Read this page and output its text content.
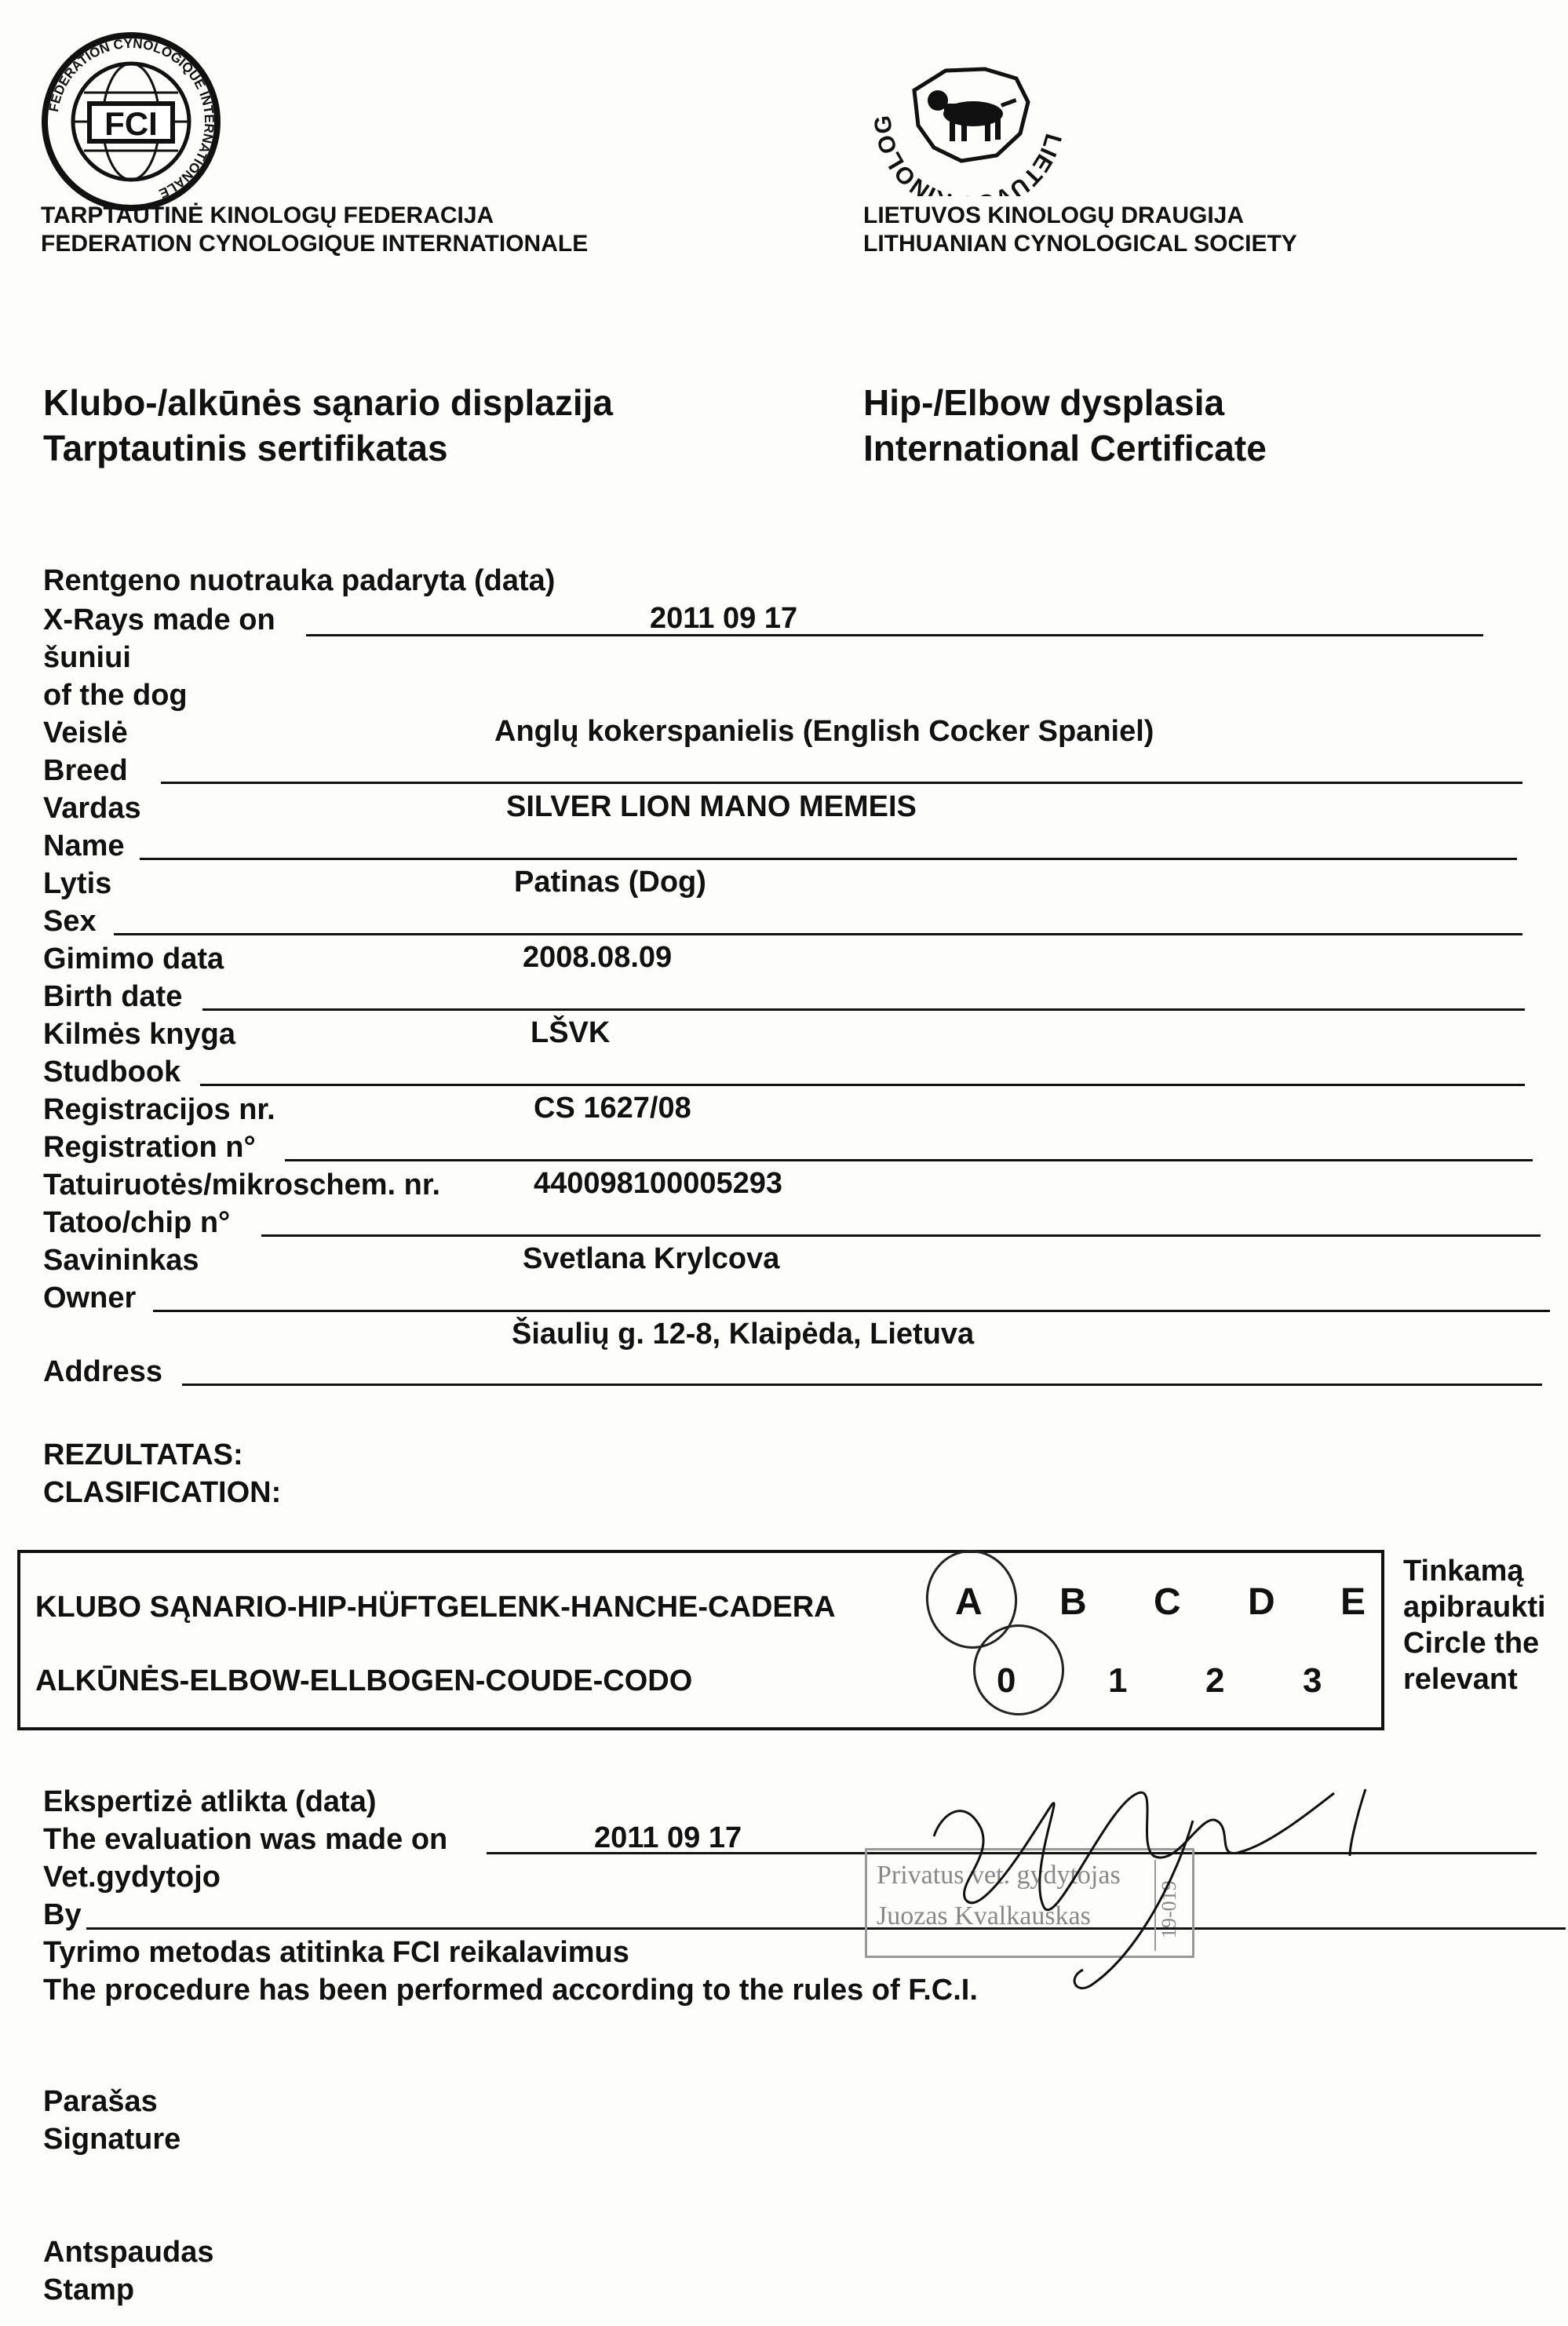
FCI
FEDERATION CYNOLOGIQUE INTERNATIONALE
TARPTAUTINĖ KINOLOGŲ FEDERACIJA
FEDERATION CYNOLOGIQUE INTERNATIONALE
LIETU INOLOG
LIETUVOS KINOLOGŲ DRAUGIJA
LITHUANIAN CYNOLOGICAL SOCIETY
Klubo-/alkūnės sąnario displazija
Tarptautinis sertifikatas
Hip-/Elbow dysplasia
International Certificate
Rentgeno nuotrauka padaryta (data)
X-Rays made on	2011 09 17
šuniui
of the dog
Veislė	Anglų kokerspanielis (English Cocker Spaniel)
Breed
Vardas	SILVER LION MANO MEMEIS
Name
Lytis	Patinas (Dog)
Sex
Gimimo data	2008.08.09
Birth date
Kilmės knyga	LŠVK
Studbook
Registracijos nr.	CS 1627/08
Registration n°
Tatuiruotės/mikroschem. nr.	440098100005293
Tatoo/chip n°
Savininkas	Svetlana Krylcova
Owner
Šiaulių g. 12-8, Klaipėda, Lietuva
Address
REZULTATAS:
CLASIFICATION:
KLUBO SĄNARIO-HIP-HÜFTGELENK-HANCHE-CADERA
ALKŪNĖS-ELBOW-ELLBOGEN-COUDE-CODO
A B C D E
0	1 2 3
Tinkamą
apibraukti
Circle the
relevant
Ekspertizė atlikta (data)
The evaluation was made on	2011 09 17
Vet.gydytojo
By
Tyrimo metodas atitinka FCI reikalavimus
The procedure has been performed according to the rules of F.C.I.
Privatus vet. gydytojas
Juozas Kvalkauskas	19-019
Parašas
Signature
Antspaudas
Stamp
